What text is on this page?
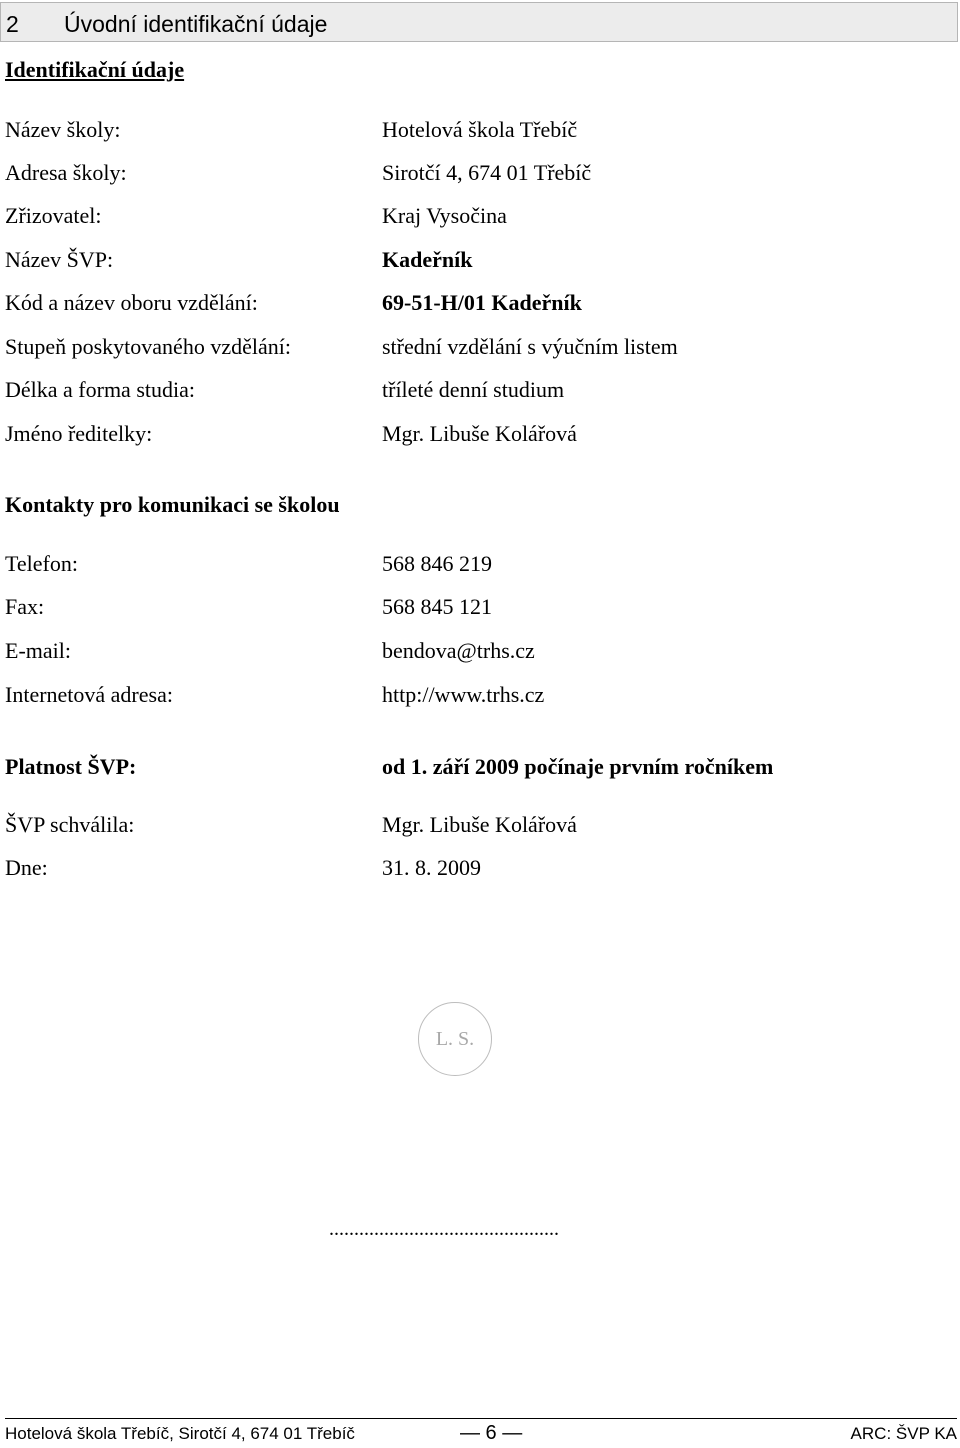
2 Úvodní identifikační údaje
Identifikační údaje
Název školy:	Hotelová škola Třebíč
Adresa školy:	Sirotčí 4, 674 01 Třebíč
Zřizovatel:	Kraj Vysočina
Název ŠVP:	Kadeřník
Kód a název oboru vzdělání:	69-51-H/01 Kadeřník
Stupeň poskytovaného vzdělání:	střední vzdělání s výučním listem
Délka a forma studia:	tříleté denní studium
Jméno ředitelky:	Mgr. Libuše Kolářová
Kontakty pro komunikaci se školou
Telefon:	568 846 219
Fax:	568 845 121
E-mail:	bendova@trhs.cz
Internetová adresa:	http://www.trhs.cz
Platnost ŠVP:	od 1. září 2009 počínaje prvním ročníkem
ŠVP schválila:	Mgr. Libuše Kolářová
Dne:	31. 8. 2009
L. S.
..............................................
Hotelová škola Třebíč, Sirotčí 4, 674 01 Třebíč	— 6 —	ARC: ŠVP KA
